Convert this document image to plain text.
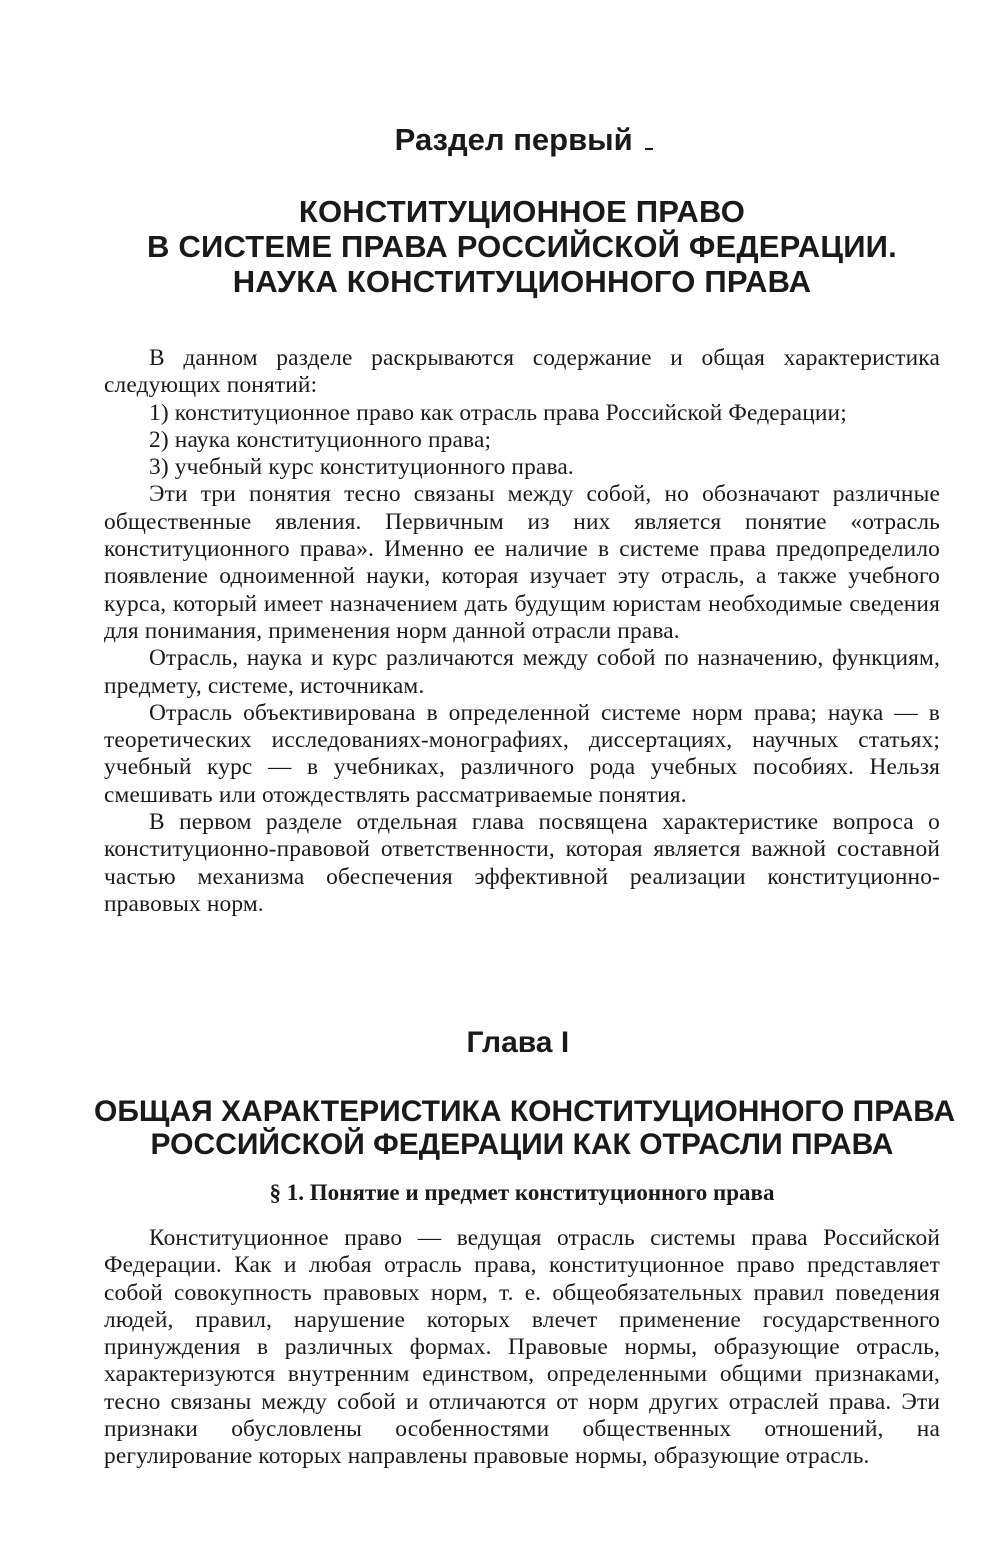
Раздел первый
КОНСТИТУЦИОННОЕ ПРАВО
В СИСТЕМЕ ПРАВА РОССИЙСКОЙ ФЕДЕРАЦИИ.
НАУКА КОНСТИТУЦИОННОГО ПРАВА

В данном разделе раскрываются содержание и общая характеристика следующих понятий:

1) конституционное право как отрасль права Российской Федерации;

2) наука конституционного права;

3) учебный курс конституционного права.

Эти три понятия тесно связаны между собой, но обозначают различные общественные явления. Первичным из них является понятие «отрасль конституционного права». Именно ее наличие в системе права предопределило появление одноименной науки, которая изучает эту отрасль, а также учебного курса, который имеет назначением дать будущим юристам необходимые сведения для понимания, применения норм данной отрасли права.

Отрасль, наука и курс различаются между собой по назначению, функциям, предмету, системе, источникам.

Отрасль объективирована в определенной системе норм права; наука — в теоретических исследованиях-монографиях, диссертациях, научных статьях; учебный курс — в учебниках, различного рода учебных пособиях. Нельзя смешивать или отождествлять рассматриваемые понятия.

В первом разделе отдельная глава посвящена характеристике вопроса о конституционно-правовой ответственности, которая является важной составной частью механизма обеспечения эффективной реализации конституционно-правовых норм.

Глава I
ОБЩАЯ ХАРАКТЕРИСТИКА КОНСТИТУЦИОННОГО ПРАВА
РОССИЙСКОЙ ФЕДЕРАЦИИ КАК ОТРАСЛИ ПРАВА
§ 1. Понятие и предмет конституционного права

Конституционное право — ведущая отрасль системы права Российской Федерации. Как и любая отрасль права, конституционное право представляет собой совокупность правовых норм, т. е. общеобязательных правил поведения людей, правил, нарушение которых влечет применение государственного принуждения в различных формах. Правовые нормы, образующие отрасль, характеризуются внутренним единством, определенными общими признаками, тесно связаны между собой и отличаются от норм других отраслей права. Эти признаки обусловлены особенностями общественных отношений, на регулирование которых направлены правовые нормы, образующие отрасль.
